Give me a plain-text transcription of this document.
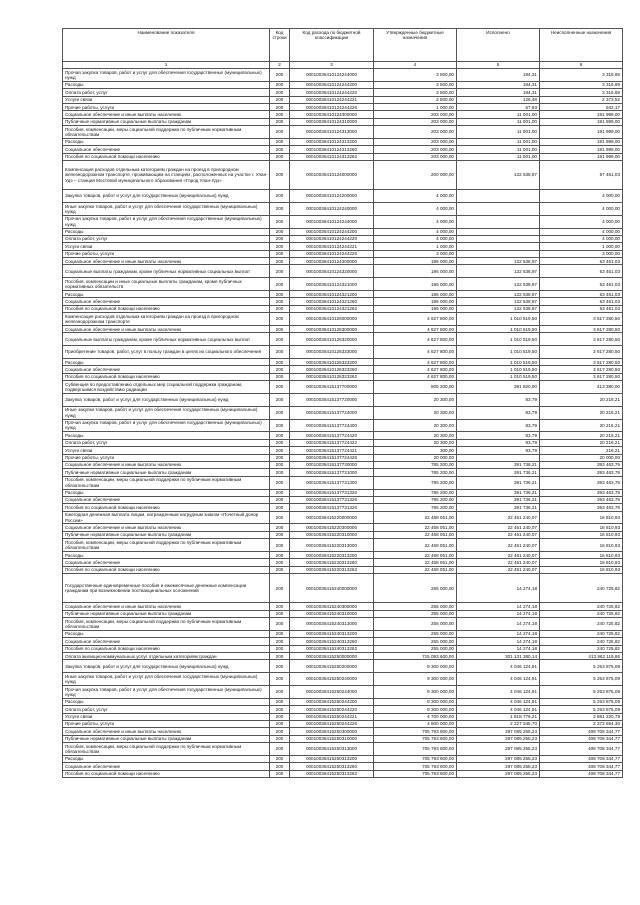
Наименование показателя	Код строки	Код расхода по бюджетной классификации	Утвержденные бюджетные назначения	Исполнено	Неисполненные назначения
1	2	3	4	5	6
Прочая закупка товаров, работ и услуг для обеспечения государственных (муниципальных) нужд	200	00010036410124244000	3 500,00	184,31	3 315,69
Расходы	200	00010036410124244200	3 500,00	184,31	3 315,69
Оплата работ, услуг	200	00010036410124244220	3 500,00	184,31	3 315,69
Услуги связи	200	00010036410124244221	2 500,00	126,48	2 373,52
Прочие работы, услуги	200	00010036410124244226	1 000,00	57,83	942,17
Социальное обеспечение и иные выплаты населению	200	00010036410124300000	203 000,00	11 001,00	191 999,00
Публичные нормативные социальные выплаты гражданам	200	00010036410124310000	203 000,00	11 001,00	191 999,00
Пособия, компенсации, меры социальной поддержки по публичным нормативным обязательствам	200	00010036410124313000	203 000,00	11 001,00	191 999,00
Расходы	200	00010036410124313200	203 000,00	11 001,00	191 999,00
Социальное обеспечение	200	00010036410124313260	203 000,00	11 001,00	191 999,00
Пособия по социальной помощи населению	200	00010036410124313262	203 000,00	11 001,00	191 999,00
Компенсация расходов отдельным категориям граждан на проезд в пригородном железнодорожном транспорте, проживающим на станциях, расположенных на участке г. Улан-Удэ – станция Мостовой муниципального образования «Город Улан-Удэ»	200	00010036410124000000	200 000,00	132 538,97	67 461,03
Закупка товаров, работ и услуг для государственных (муниципальных) нужд	200	00010036410124200000	4 000,00		4 000,00
Иные закупки товаров, работ и услуг для обеспечения государственных (муниципальных) нужд	200	00010036410124240000	4 000,00		4 000,00
Прочая закупка товаров, работ и услуг для обеспечения государственных (муниципальных) нужд	200	00010036410124244000	4 000,00		4 000,00
Расходы	200	00010036410124244200	4 000,00		4 000,00
Оплата работ, услуг	200	00010036410124244220	4 000,00		4 000,00
Услуги связи	200	00010036410124244221	1 000,00		1 000,00
Прочие работы, услуги	200	00010036410124244226	3 000,00		3 000,00
Социальное обеспечение и иные выплаты населению	200	00010036410124300000	196 000,00	132 538,97	63 461,03
Социальные выплаты гражданам, кроме публичных нормативных социальных выплат	200	00010036410124320000	196 000,00	132 538,97	63 461,03
Пособия, компенсации и иные социальные выплаты гражданам, кроме публичных нормативных обязательств	200	00010036410124321000	196 000,00	132 538,97	63 461,03
Расходы	200	00010036410124321200	196 000,00	132 538,97	63 461,03
Социальное обеспечение	200	00010036410124321260	196 000,00	132 538,97	63 461,03
Пособия по социальной помощи населению	200	00010036410124321262	196 000,00	132 538,97	63 461,03
Компенсация расходов отдельным категориям граждан на проезд в пригородном железнодорожном транспорте	200	00010036410126000000	4 627 800,00	1 010 519,50	3 617 280,50
Социальное обеспечение и иные выплаты населению	200	00010036410126300000	4 627 800,00	1 010 519,50	3 617 280,50
Социальные выплаты гражданам, кроме публичных нормативных социальных выплат	200	00010036410126320000	4 627 800,00	1 010 519,50	3 617 280,50
Приобретение товаров, работ, услуг в пользу граждан в целях их социального обеспечения	200	00010036410126323000	4 627 800,00	1 010 519,50	3 617 280,50
Расходы	200	00010036410126323200	4 627 800,00	1 010 519,50	3 617 280,50
Социальное обеспечение	200	00010036410126323260	4 627 800,00	1 010 519,50	3 617 280,50
Пособия по социальной помощи населению	200	00010036410126323262	4 627 800,00	1 010 519,50	3 617 280,50
Субвенция по предоставлению отдельных мер социальной поддержки гражданам, подвергшимся воздействию радиации	200	00010036415137700000	805 200,00	391 820,00	413 380,00
Закупка товаров, работ и услуг для государственных (муниципальных) нужд	200	00010036415137720000	20 300,00	83,79	20 216,21
Иные закупки товаров, работ и услуг для обеспечения государственных (муниципальных) нужд	200	00010036415137724000	20 300,00	83,79	20 216,21
Прочая закупка товаров, работ и услуг для обеспечения государственных (муниципальных) нужд	200	00010036415137724400	20 300,00	83,79	20 216,21
Расходы	200	00010036415137724420	20 300,00	83,79	20 216,21
Оплата работ, услуг	200	00010036415137724422	20 300,00	83,79	20 216,21
Услуги связи	200	00010036415137724421	300,00	83,79	216,21
Прочие работы, услуги	200	00010036415137724426	20 000,00		20 000,00
Социальное обеспечение и иные выплаты населению	200	00010036415137730000	785 200,00	391 736,21	393 463,79
Публичные нормативные социальные выплаты гражданам	200	00010036415137731000	785 200,00	391 736,21	393 463,79
Пособия, компенсации, меры социальной поддержки по публичным нормативным обязательствам	200	00010036415137731300	785 200,00	391 736,21	393 463,79
Расходы	200	00010036415137731320	785 200,00	391 736,21	393 463,79
Социальное обеспечение	200	00010036415137731326	785 200,00	391 736,21	393 463,79
Пособия по социальной помощи населению	200	00010036415137731326	785 200,00	391 736,21	393 463,79
Ежегодная денежная выплата лицам, награжденным нагрудным знаком «Почетный донор России»	200	00010036415220000000	22 468 051,00	22 451 240,07	16 810,93
Социальное обеспечение и иные выплаты населению	200	00010036415220300000	22 468 051,00	22 451 240,07	16 810,93
Публичные нормативные социальные выплаты гражданам	200	00010036415220310000	22 468 051,00	22 451 240,07	16 810,93
Пособия, компенсации, меры социальной поддержки по публичным нормативным обязательствам	200	00010036415220313000	22 468 051,00	22 451 240,07	16 810,93
Расходы	200	00010036415220313200	22 468 051,00	22 451 240,07	16 810,93
Социальное обеспечение	200	00010036415220313260	22 468 051,00	22 451 240,07	16 810,93
Пособия по социальной помощи населению	200	00010036415220313262	22 468 051,00	22 451 240,07	16 810,93
Государственные единовременные пособия и ежемесячные денежные компенсации гражданам при возникновении поствакцинальных осложнений	200	00010036415240000000	255 000,00	14 274,18	240 725,82
Социальное обеспечение и иные выплаты населению	200	00010036415240300000	255 000,00	14 274,18	240 725,82
Публичные нормативные социальные выплаты гражданам	200	00010036415240310000	255 000,00	14 274,18	240 725,82
Пособия, компенсации, меры социальной поддержки по публичным нормативным обязательствам	200	00010036415240313000	255 000,00	14 274,18	240 725,82
Расходы	200	00010036415240313200	255 000,00	14 274,18	240 725,82
Социальное обеспечение	200	00010036415240313260	255 000,00	14 274,18	240 725,82
Пособия по социальной помощи населению	200	00010036415240313262	255 000,00	14 274,18	240 725,82
Оплата жилищно-коммунальных услуг отдельным категориям граждан	200	00010036415250000000	715 093 600,00	301 131 380,14	413 962 119,86
Закупка товаров, работ и услуг для государственных (муниципальных) нужд	200	00010036415250200000	9 300 000,00	4 046 124,91	5 253 875,09
Иные закупки товаров, работ и услуг для обеспечения государственных (муниципальных) нужд	200	00010036415250240000	9 300 000,00	4 046 124,91	5 253 875,09
Прочая закупка товаров, работ и услуг для обеспечения государственных (муниципальных) нужд	200	00010036415250244000	9 300 000,00	4 046 124,91	5 253 875,09
Расходы	200	00010036415250244200	9 300 000,00	4 046 124,91	5 253 875,09
Оплата работ, услуг	200	00010036415250244220	9 300 000,00	4 046 124,91	5 253 875,09
Услуги связи	200	00010036415250244221	4 700 000,00	1 818 779,21	2 881 220,79
Прочие работы, услуги	200	00010036415250244226	4 600 000,00	2 227 345,70	2 372 654,30
Социальное обеспечение и иные выплаты населению	200	00010036415250300000	705 793 600,00	297 085 255,23	408 708 344,77
Публичные нормативные социальные выплаты гражданам	200	00010036415250310000	705 793 600,00	297 085 255,23	408 708 344,77
Пособия, компенсации, меры социальной поддержки по публичным нормативным обязательствам	200	00010036415250313000	705 793 600,00	297 085 255,23	408 708 344,77
Расходы	200	00010036415250313200	705 793 600,00	297 085 255,23	408 708 344,77
Социальное обеспечение	200	00010036415250313260	705 793 600,00	297 085 255,23	408 708 344,77
Пособия по социальной помощи населению	200	00010036415250313262	705 793 600,00	297 085 255,23	408 708 344,77
